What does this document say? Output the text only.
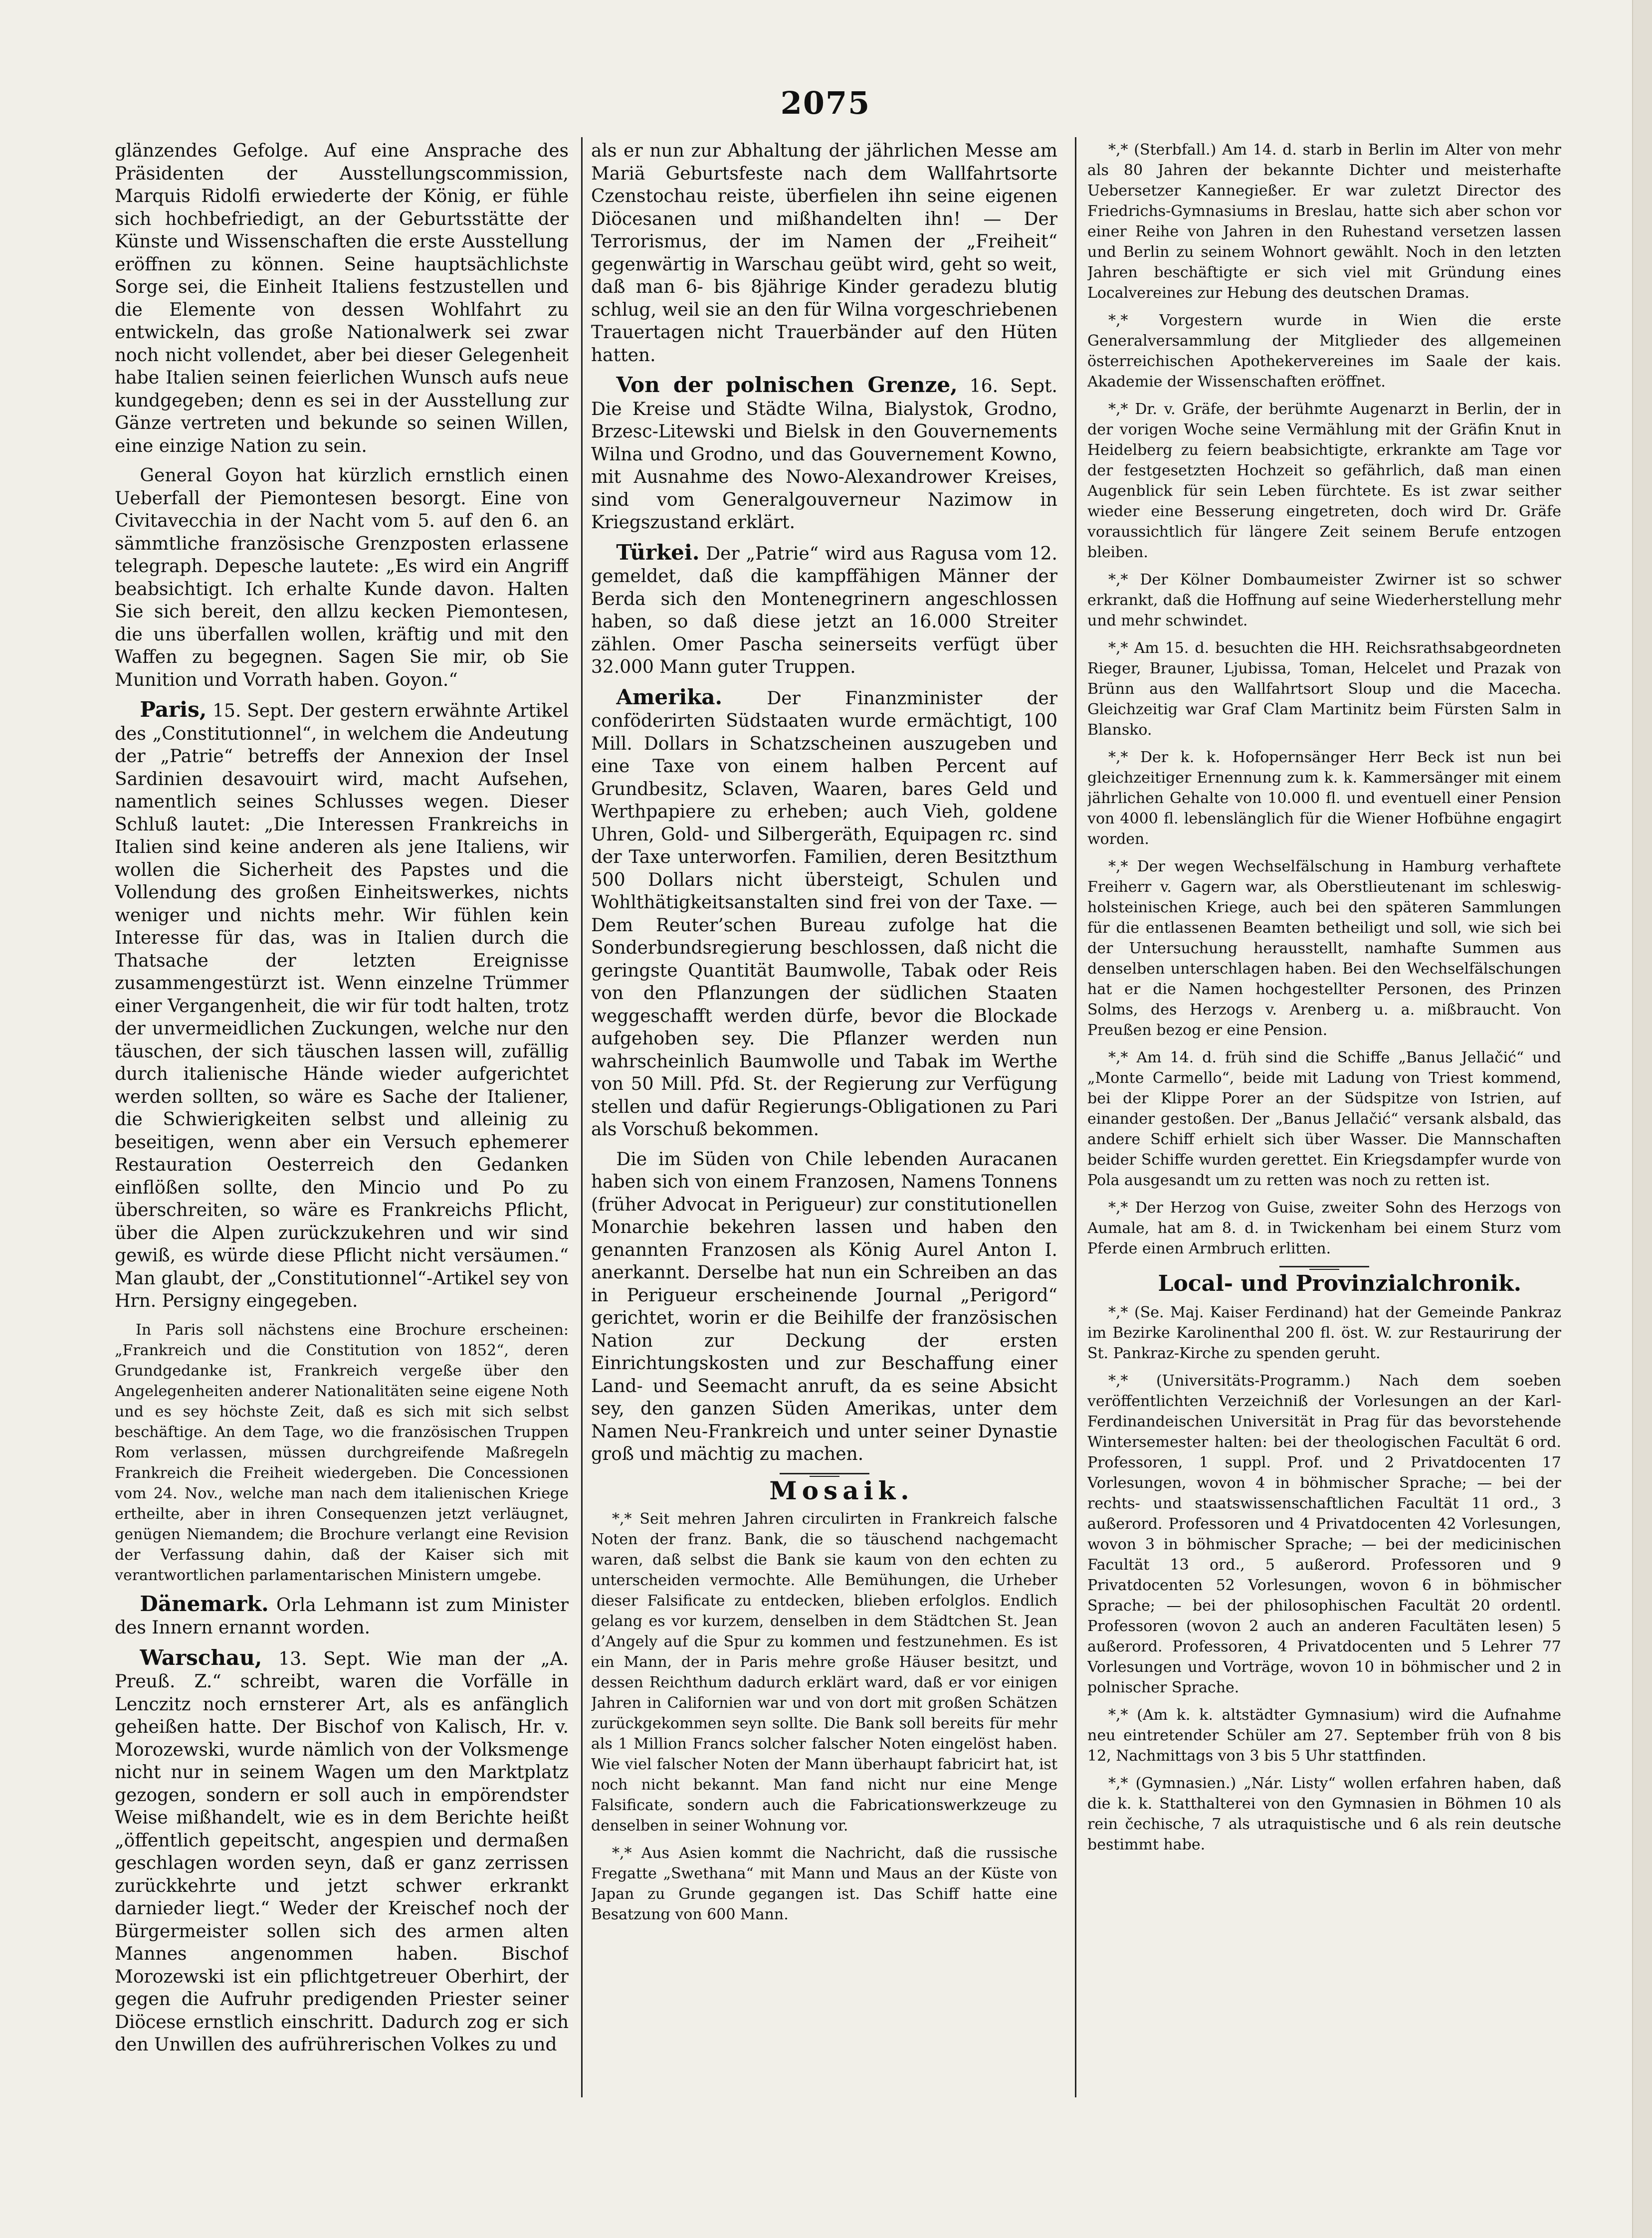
2075

glänzendes Gefolge. Auf eine Ansprache des Präsidenten der Ausstellungscommission, Marquis Ridolfi erwiederte der König, er fühle sich hochbefriedigt, an der Geburtsstätte der Künste und Wissenschaften die erste Ausstellung eröffnen zu können. Seine hauptsächlichste Sorge sei, die Einheit Italiens festzustellen und die Elemente von dessen Wohlfahrt zu entwickeln, das große Nationalwerk sei zwar noch nicht vollendet, aber bei dieser Gelegenheit habe Italien seinen feierlichen Wunsch aufs neue kundgegeben; denn es sei in der Ausstellung zur Gänze vertreten und bekunde so seinen Willen, eine einzige Nation zu sein.

General Goyon hat kürzlich ernstlich einen Ueberfall der Piemontesen besorgt. Eine von Civitavecchia in der Nacht vom 5. auf den 6. an sämmtliche französische Grenzposten erlassene telegraph. Depesche lautete: „Es wird ein Angriff beabsichtigt. Ich erhalte Kunde davon. Halten Sie sich bereit, den allzu kecken Piemontesen, die uns überfallen wollen, kräftig und mit den Waffen zu begegnen. Sagen Sie mir, ob Sie Munition und Vorrath haben. Goyon.“

Paris, 15. Sept. Der gestern erwähnte Artikel des „Constitutionnel“, in welchem die Andeutung der „Patrie“ betreffs der Annexion der Insel Sardinien desavouirt wird, macht Aufsehen, namentlich seines Schlusses wegen. Dieser Schluß lautet: „Die Interessen Frankreichs in Italien sind keine anderen als jene Italiens, wir wollen die Sicherheit des Papstes und die Vollendung des großen Einheitswerkes, nichts weniger und nichts mehr. Wir fühlen kein Interesse für das, was in Italien durch die Thatsache der letzten Ereignisse zusammengestürzt ist. Wenn einzelne Trümmer einer Vergangenheit, die wir für todt halten, trotz der unvermeidlichen Zuckungen, welche nur den täuschen, der sich täuschen lassen will, zufällig durch italienische Hände wieder aufgerichtet werden sollten, so wäre es Sache der Italiener, die Schwierigkeiten selbst und alleinig zu beseitigen, wenn aber ein Versuch ephemerer Restauration Oesterreich den Gedanken einflößen sollte, den Mincio und Po zu überschreiten, so wäre es Frankreichs Pflicht, über die Alpen zurückzukehren und wir sind gewiß, es würde diese Pflicht nicht versäumen.“ Man glaubt, der „Constitutionnel“-Artikel sey von Hrn. Persigny eingegeben.

In Paris soll nächstens eine Brochure erscheinen: „Frankreich und die Constitution von 1852“, deren Grundgedanke ist, Frankreich vergeße über den Angelegenheiten anderer Nationalitäten seine eigene Noth und es sey höchste Zeit, daß es sich mit sich selbst beschäftige. An dem Tage, wo die französischen Truppen Rom verlassen, müssen durchgreifende Maßregeln Frankreich die Freiheit wiedergeben. Die Concessionen vom 24. Nov., welche man nach dem italienischen Kriege ertheilte, aber in ihren Consequenzen jetzt verläugnet, genügen Niemandem; die Brochure verlangt eine Revision der Verfassung dahin, daß der Kaiser sich mit verantwortlichen parlamentarischen Ministern umgebe.

Dänemark. Orla Lehmann ist zum Minister des Innern ernannt worden.

Warschau, 13. Sept. Wie man der „A. Preuß. Z.“ schreibt, waren die Vorfälle in Lenczitz noch ernsterer Art, als es anfänglich geheißen hatte. Der Bischof von Kalisch, Hr. v. Morozewski, wurde nämlich von der Volksmenge nicht nur in seinem Wagen um den Marktplatz gezogen, sondern er soll auch in empörendster Weise mißhandelt, wie es in dem Berichte heißt „öffentlich gepeitscht, angespien und dermaßen geschlagen worden seyn, daß er ganz zerrissen zurückkehrte und jetzt schwer erkrankt darnieder liegt.“ Weder der Kreischef noch der Bürgermeister sollen sich des armen alten Mannes angenommen haben. Bischof Morozewski ist ein pflichtgetreuer Oberhirt, der gegen die Aufruhr predigenden Priester seiner Diöcese ernstlich einschritt. Dadurch zog er sich den Unwillen des aufrührerischen Volkes zu und

als er nun zur Abhaltung der jährlichen Messe am Mariä Geburtsfeste nach dem Wallfahrtsorte Czenstochau reiste, überfielen ihn seine eigenen Diöcesanen und mißhandelten ihn! — Der Terrorismus, der im Namen der „Freiheit“ gegenwärtig in Warschau geübt wird, geht so weit, daß man 6- bis 8jährige Kinder geradezu blutig schlug, weil sie an den für Wilna vorgeschriebenen Trauertagen nicht Trauerbänder auf den Hüten hatten.

Von der polnischen Grenze, 16. Sept. Die Kreise und Städte Wilna, Bialystok, Grodno, Brzesc-Litewski und Bielsk in den Gouvernements Wilna und Grodno, und das Gouvernement Kowno, mit Ausnahme des Nowo-Alexandrower Kreises, sind vom Generalgouverneur Nazimow in Kriegszustand erklärt.

Türkei. Der „Patrie“ wird aus Ragusa vom 12. gemeldet, daß die kampffähigen Männer der Berda sich den Montenegrinern angeschlossen haben, so daß diese jetzt an 16.000 Streiter zählen. Omer Pascha seinerseits verfügt über 32.000 Mann guter Truppen.

Amerika. Der Finanzminister der conföderirten Südstaaten wurde ermächtigt, 100 Mill. Dollars in Schatzscheinen auszugeben und eine Taxe von einem halben Percent auf Grundbesitz, Sclaven, Waaren, bares Geld und Werthpapiere zu erheben; auch Vieh, goldene Uhren, Gold- und Silbergeräth, Equipagen rc. sind der Taxe unterworfen. Familien, deren Besitzthum 500 Dollars nicht übersteigt, Schulen und Wohlthätigkeitsanstalten sind frei von der Taxe. — Dem Reuter’schen Bureau zufolge hat die Sonderbundsregierung beschlossen, daß nicht die geringste Quantität Baumwolle, Tabak oder Reis von den Pflanzungen der südlichen Staaten weggeschafft werden dürfe, bevor die Blockade aufgehoben sey. Die Pflanzer werden nun wahrscheinlich Baumwolle und Tabak im Werthe von 50 Mill. Pfd. St. der Regierung zur Verfügung stellen und dafür Regierungs-Obligationen zu Pari als Vorschuß bekommen.

Die im Süden von Chile lebenden Auracanen haben sich von einem Franzosen, Namens Tonnens (früher Advocat in Perigueur) zur constitutionellen Monarchie bekehren lassen und haben den genannten Franzosen als König Aurel Anton I. anerkannt. Derselbe hat nun ein Schreiben an das in Perigueur erscheinende Journal „Perigord“ gerichtet, worin er die Beihilfe der französischen Nation zur Deckung der ersten Einrichtungskosten und zur Beschaffung einer Land- und Seemacht anruft, da es seine Absicht sey, den ganzen Süden Amerikas, unter dem Namen Neu-Frankreich und unter seiner Dynastie groß und mächtig zu machen.

Mosaik.

*,* Seit mehren Jahren circulirten in Frankreich falsche Noten der franz. Bank, die so täuschend nachgemacht waren, daß selbst die Bank sie kaum von den echten zu unterscheiden vermochte. Alle Bemühungen, die Urheber dieser Falsificate zu entdecken, blieben erfolglos. Endlich gelang es vor kurzem, denselben in dem Städtchen St. Jean d’Angely auf die Spur zu kommen und festzunehmen. Es ist ein Mann, der in Paris mehre große Häuser besitzt, und dessen Reichthum dadurch erklärt ward, daß er vor einigen Jahren in Californien war und von dort mit großen Schätzen zurückgekommen seyn sollte. Die Bank soll bereits für mehr als 1 Million Francs solcher falscher Noten eingelöst haben. Wie viel falscher Noten der Mann überhaupt fabricirt hat, ist noch nicht bekannt. Man fand nicht nur eine Menge Falsificate, sondern auch die Fabricationswerkzeuge zu denselben in seiner Wohnung vor.

*,* Aus Asien kommt die Nachricht, daß die russische Fregatte „Swethana“ mit Mann und Maus an der Küste von Japan zu Grunde gegangen ist. Das Schiff hatte eine Besatzung von 600 Mann.

*,* (Sterbfall.) Am 14. d. starb in Berlin im Alter von mehr als 80 Jahren der bekannte Dichter und meisterhafte Uebersetzer Kannegießer. Er war zuletzt Director des Friedrichs-Gymnasiums in Breslau, hatte sich aber schon vor einer Reihe von Jahren in den Ruhestand versetzen lassen und Berlin zu seinem Wohnort gewählt. Noch in den letzten Jahren beschäftigte er sich viel mit Gründung eines Localvereines zur Hebung des deutschen Dramas.

*,* Vorgestern wurde in Wien die erste Generalversammlung der Mitglieder des allgemeinen österreichischen Apothekervereines im Saale der kais. Akademie der Wissenschaften eröffnet.

*,* Dr. v. Gräfe, der berühmte Augenarzt in Berlin, der in der vorigen Woche seine Vermählung mit der Gräfin Knut in Heidelberg zu feiern beabsichtigte, erkrankte am Tage vor der festgesetzten Hochzeit so gefährlich, daß man einen Augenblick für sein Leben fürchtete. Es ist zwar seither wieder eine Besserung eingetreten, doch wird Dr. Gräfe voraussichtlich für längere Zeit seinem Berufe entzogen bleiben.

*,* Der Kölner Dombaumeister Zwirner ist so schwer erkrankt, daß die Hoffnung auf seine Wiederherstellung mehr und mehr schwindet.

*,* Am 15. d. besuchten die HH. Reichsrathsabgeordneten Rieger, Brauner, Ljubissa, Toman, Helcelet und Prazak von Brünn aus den Wallfahrtsort Sloup und die Macecha. Gleichzeitig war Graf Clam Martinitz beim Fürsten Salm in Blansko.

*,* Der k. k. Hofopernsänger Herr Beck ist nun bei gleichzeitiger Ernennung zum k. k. Kammersänger mit einem jährlichen Gehalte von 10.000 fl. und eventuell einer Pension von 4000 fl. lebenslänglich für die Wiener Hofbühne engagirt worden.

*,* Der wegen Wechselfälschung in Hamburg verhaftete Freiherr v. Gagern war, als Oberstlieutenant im schleswig-holsteinischen Kriege, auch bei den späteren Sammlungen für die entlassenen Beamten betheiligt und soll, wie sich bei der Untersuchung herausstellt, namhafte Summen aus denselben unterschlagen haben. Bei den Wechselfälschungen hat er die Namen hochgestellter Personen, des Prinzen Solms, des Herzogs v. Arenberg u. a. mißbraucht. Von Preußen bezog er eine Pension.

*,* Am 14. d. früh sind die Schiffe „Banus Jellačić“ und „Monte Carmello“, beide mit Ladung von Triest kommend, bei der Klippe Porer an der Südspitze von Istrien, auf einander gestoßen. Der „Banus Jellačić“ versank alsbald, das andere Schiff erhielt sich über Wasser. Die Mannschaften beider Schiffe wurden gerettet. Ein Kriegsdampfer wurde von Pola ausgesandt um zu retten was noch zu retten ist.

*,* Der Herzog von Guise, zweiter Sohn des Herzogs von Aumale, hat am 8. d. in Twickenham bei einem Sturz vom Pferde einen Armbruch erlitten.

Local- und Provinzialchronik.

*,* (Se. Maj. Kaiser Ferdinand) hat der Gemeinde Pankraz im Bezirke Karolinenthal 200 fl. öst. W. zur Restaurirung der St. Pankraz-Kirche zu spenden geruht.

*,* (Universitäts-Programm.) Nach dem soeben veröffentlichten Verzeichniß der Vorlesungen an der Karl-Ferdinandeischen Universität in Prag für das bevorstehende Wintersemester halten: bei der theologischen Facultät 6 ord. Professoren, 1 suppl. Prof. und 2 Privatdocenten 17 Vorlesungen, wovon 4 in böhmischer Sprache; — bei der rechts- und staatswissenschaftlichen Facultät 11 ord., 3 außerord. Professoren und 4 Privatdocenten 42 Vorlesungen, wovon 3 in böhmischer Sprache; — bei der medicinischen Facultät 13 ord., 5 außerord. Professoren und 9 Privatdocenten 52 Vorlesungen, wovon 6 in böhmischer Sprache; — bei der philosophischen Facultät 20 ordentl. Professoren (wovon 2 auch an anderen Facultäten lesen) 5 außerord. Professoren, 4 Privatdocenten und 5 Lehrer 77 Vorlesungen und Vorträge, wovon 10 in böhmischer und 2 in polnischer Sprache.

*,* (Am k. k. altstädter Gymnasium) wird die Aufnahme neu eintretender Schüler am 27. September früh von 8 bis 12, Nachmittags von 3 bis 5 Uhr stattfinden.

*,* (Gymnasien.) „Nár. Listy“ wollen erfahren haben, daß die k. k. Statthalterei von den Gymnasien in Böhmen 10 als rein čechische, 7 als utraquistische und 6 als rein deutsche bestimmt habe.
